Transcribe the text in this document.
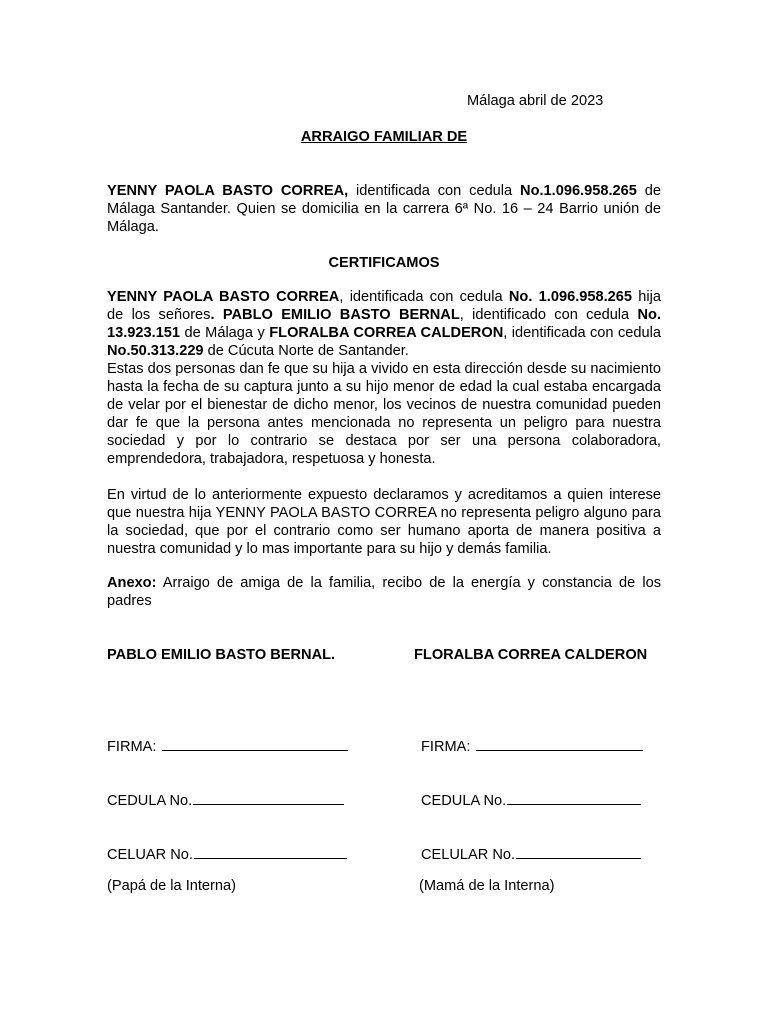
Málaga abril de 2023
ARRAIGO FAMILIAR DE
YENNY PAOLA BASTO CORREA, identificada con cedula No.1.096.958.265 de Málaga Santander. Quien se domicilia en la carrera 6ª No. 16 – 24 Barrio unión de Málaga.
CERTIFICAMOS
YENNY PAOLA BASTO CORREA, identificada con cedula No. 1.096.958.265 hija de los señores. PABLO EMILIO BASTO BERNAL, identificado con cedula No. 13.923.151 de Málaga y FLORALBA CORREA CALDERON, identificada con cedula No.50.313.229 de Cúcuta Norte de Santander.
Estas dos personas dan fe que su hija a vivido en esta dirección desde su nacimiento hasta la fecha de su captura junto a su hijo menor de edad la cual estaba encargada de velar por el bienestar de dicho menor, los vecinos de nuestra comunidad pueden dar fe que la persona antes mencionada no representa un peligro para nuestra sociedad y por lo contrario se destaca por ser una persona colaboradora, emprendedora, trabajadora, respetuosa y honesta.
En virtud de lo anteriormente expuesto declaramos y acreditamos a quien interese que nuestra hija YENNY PAOLA BASTO CORREA no representa peligro alguno para la sociedad, que por el contrario como ser humano aporta de manera positiva a nuestra comunidad y lo mas importante para su hijo y demás familia.
Anexo: Arraigo de amiga de la familia, recibo de la energía y constancia de los padres
PABLO EMILIO BASTO BERNAL.	FLORALBA CORREA CALDERON
FIRMA:	FIRMA:
CEDULA No.	CEDULA No.
CELUAR No.	CELULAR No.
(Papá de la Interna)	(Mamá de la Interna)
